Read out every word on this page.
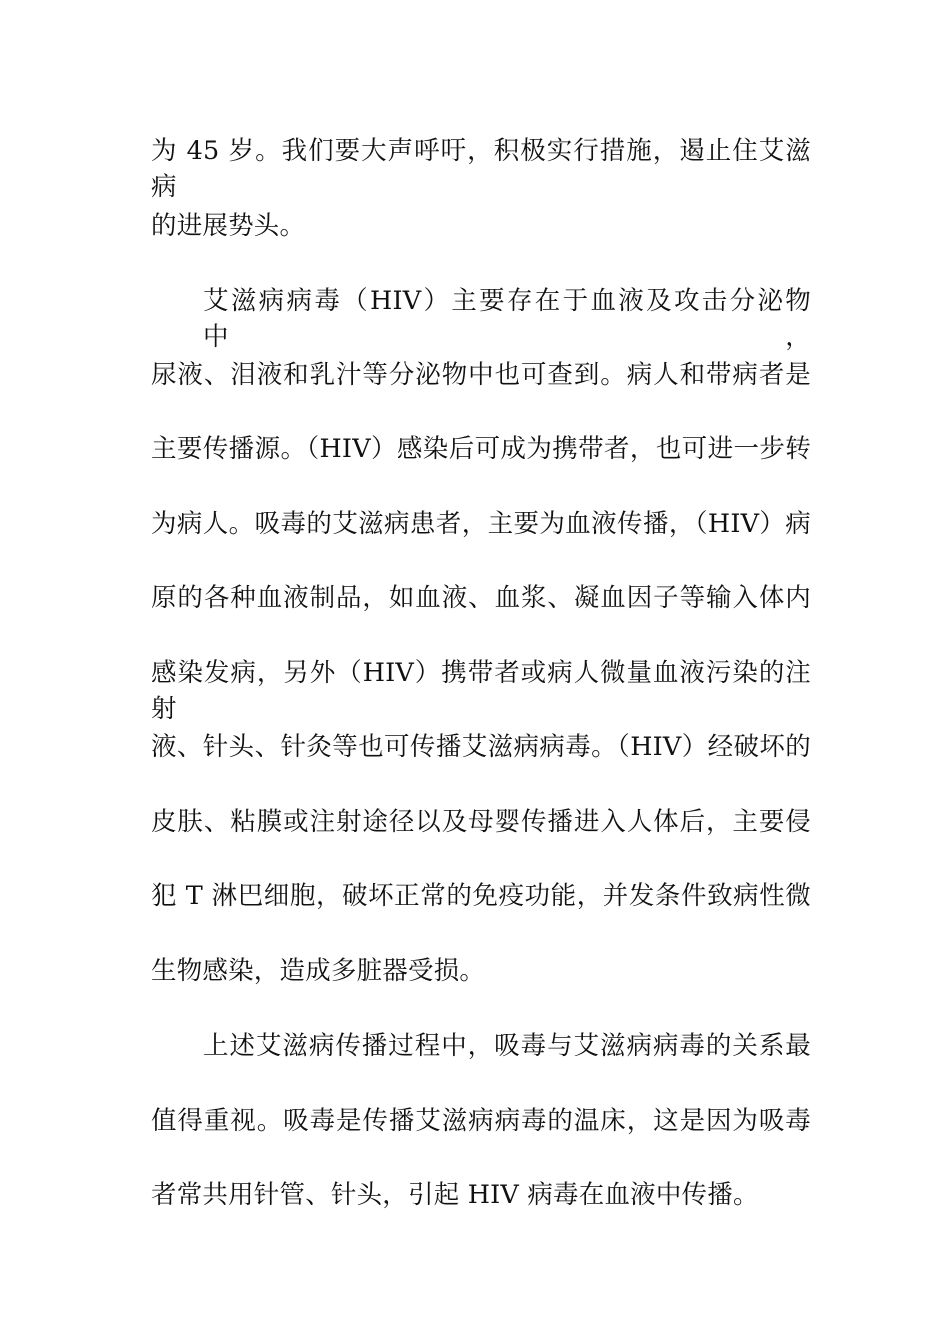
为 45 岁。我们要大声呼吁，积极实行措施，遏止住艾滋病
的进展势头。
艾滋病病毒（HIV）主要存在于血液及攻击分泌物中，
尿液、泪液和乳汁等分泌物中也可查到。病人和带病者是
主要传播源。（HIV）感染后可成为携带者，也可进一步转
为病人。吸毒的艾滋病患者，主要为血液传播，（HIV）病
原的各种血液制品，如血液、血浆、凝血因子等输入体内
感染发病，另外（HIV）携带者或病人微量血液污染的注射
液、针头、针灸等也可传播艾滋病病毒。（HIV）经破坏的
皮肤、粘膜或注射途径以及母婴传播进入人体后，主要侵
犯 T 淋巴细胞，破坏正常的免疫功能，并发条件致病性微
生物感染，造成多脏器受损。
上述艾滋病传播过程中，吸毒与艾滋病病毒的关系最
值得重视。吸毒是传播艾滋病病毒的温床，这是因为吸毒
者常共用针管、针头，引起 HIV 病毒在血液中传播。
